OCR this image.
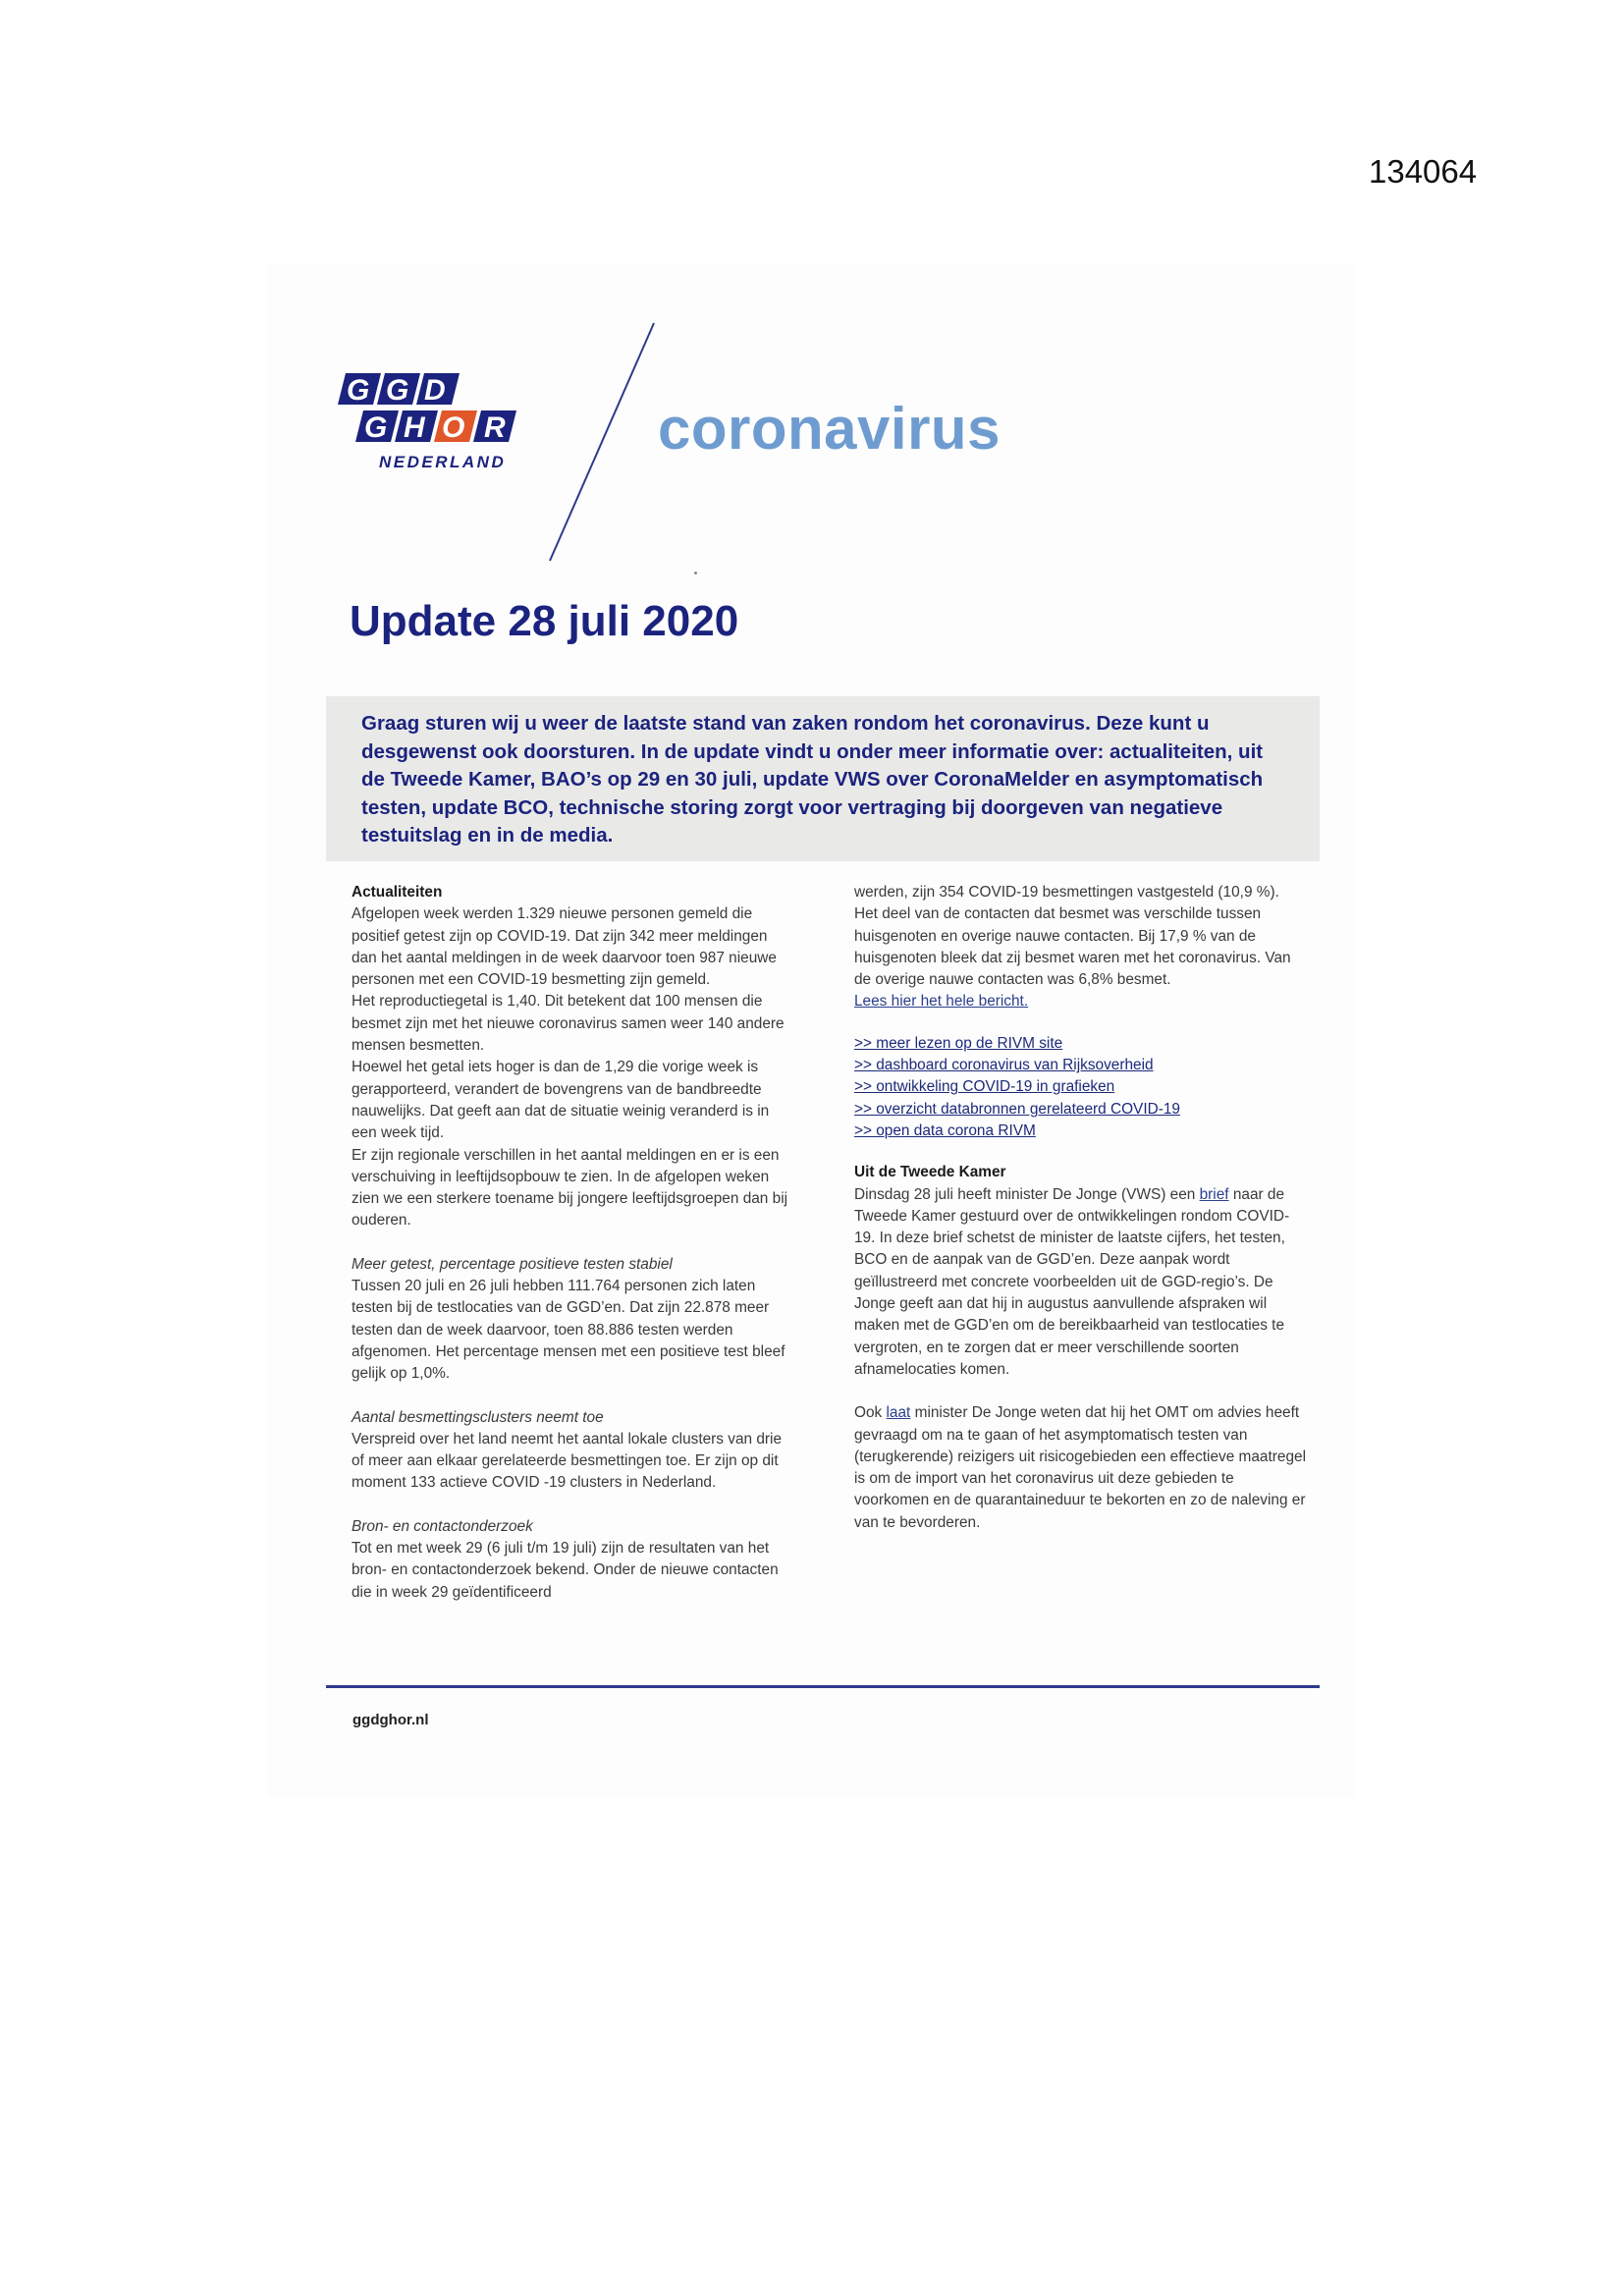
134064
G G D
G H O R
NEDERLAND
coronavirus
Update 28 juli 2020

Graag sturen wij u weer de laatste stand van zaken rondom het coronavirus. Deze kunt u desgewenst ook doorsturen. In de update vindt u onder meer informatie over: actualiteiten, uit de Tweede Kamer, BAO’s op 29 en 30 juli, update VWS over CoronaMelder en asymptomatisch testen, update BCO, technische storing zorgt voor vertraging bij doorgeven van negatieve testuitslag en in de media.

Actualiteiten

Afgelopen week werden 1.329 nieuwe personen gemeld die positief getest zijn op COVID-19. Dat zijn 342 meer meldingen dan het aantal meldingen in de week daarvoor toen 987 nieuwe personen met een COVID-19 besmetting zijn gemeld.

Het reproductiegetal is 1,40. Dit betekent dat 100 mensen die besmet zijn met het nieuwe coronavirus samen weer 140 andere mensen besmetten.

Hoewel het getal iets hoger is dan de 1,29 die vorige week is gerapporteerd, verandert de bovengrens van de bandbreedte nauwelijks. Dat geeft aan dat de situatie weinig veranderd is in een week tijd.

Er zijn regionale verschillen in het aantal meldingen en er is een verschuiving in leeftijdsopbouw te zien. In de afgelopen weken zien we een sterkere toename bij jongere leeftijdsgroepen dan bij ouderen.

Meer getest, percentage positieve testen stabiel

Tussen 20 juli en 26 juli hebben 111.764 personen zich laten testen bij de testlocaties van de GGD’en. Dat zijn 22.878 meer testen dan de week daarvoor, toen 88.886 testen werden afgenomen. Het percentage mensen met een positieve test bleef gelijk op 1,0%.

Aantal besmettingsclusters neemt toe

Verspreid over het land neemt het aantal lokale clusters van drie of meer aan elkaar gerelateerde besmettingen toe. Er zijn op dit moment 133 actieve COVID -19 clusters in Nederland.

Bron- en contactonderzoek

Tot en met week 29 (6 juli t/m 19 juli) zijn de resultaten van het bron- en contactonderzoek bekend. Onder de nieuwe contacten die in week 29 geïdentificeerd

werden, zijn 354 COVID-19 besmettingen vastgesteld (10,9 %). Het deel van de contacten dat besmet was verschilde tussen huisgenoten en overige nauwe contacten. Bij 17,9 % van de huisgenoten bleek dat zij besmet waren met het coronavirus. Van de overige nauwe contacten was 6,8% besmet.

Lees hier het hele bericht.

>> meer lezen op de RIVM site

>> dashboard coronavirus van Rijksoverheid

>> ontwikkeling COVID-19 in grafieken

>> overzicht databronnen gerelateerd COVID-19

>> open data corona RIVM

Uit de Tweede Kamer

Dinsdag 28 juli heeft minister De Jonge (VWS) een brief naar de Tweede Kamer gestuurd over de ontwikkelingen rondom COVID-19. In deze brief schetst de minister de laatste cijfers, het testen, BCO en de aanpak van de GGD’en. Deze aanpak wordt geïllustreerd met concrete voorbeelden uit de GGD-regio’s. De Jonge geeft aan dat hij in augustus aanvullende afspraken wil maken met de GGD’en om de bereikbaarheid van testlocaties te vergroten, en te zorgen dat er meer verschillende soorten afnamelocaties komen.

Ook laat minister De Jonge weten dat hij het OMT om advies heeft gevraagd om na te gaan of het asymptomatisch testen van (terugkerende) reizigers uit risicogebieden een effectieve maatregel is om de import van het coronavirus uit deze gebieden te voorkomen en de quarantaineduur te bekorten en zo de naleving er van te bevorderen.

ggdghor.nl
